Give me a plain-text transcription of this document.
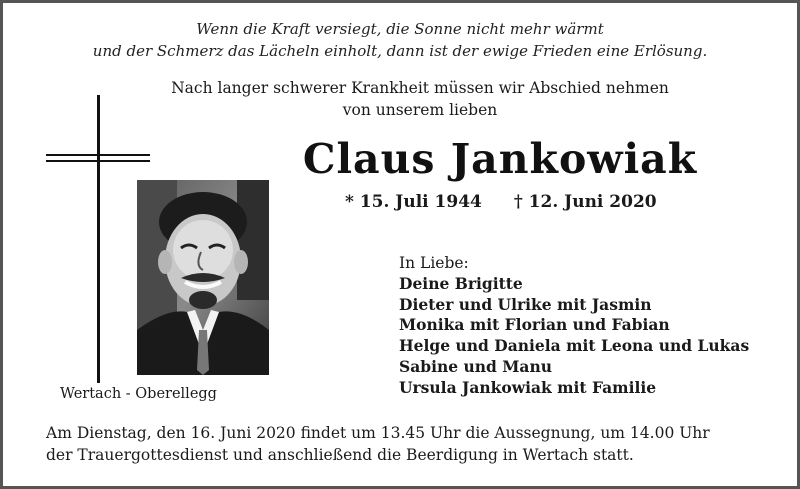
Wenn die Kraft versiegt, die Sonne nicht mehr wärmt
und der Schmerz das Lächeln einholt, dann ist der ewige Frieden eine Erlösung.
Nach langer schwerer Krankheit müssen wir Abschied nehmen
von unserem lieben
Claus Jankowiak
* 15. Juli 1944 † 12. Juni 2020
Wertach - Oberellegg
In Liebe:
Deine Brigitte
Dieter und Ulrike mit Jasmin
Monika mit Florian und Fabian
Helge und Daniela mit Leona und Lukas
Sabine und Manu
Ursula Jankowiak mit Familie
Am Dienstag, den 16. Juni 2020 findet um 13.45 Uhr die Aussegnung, um 14.00 Uhr
der Trauergottesdienst und anschließend die Beerdigung in Wertach statt.
